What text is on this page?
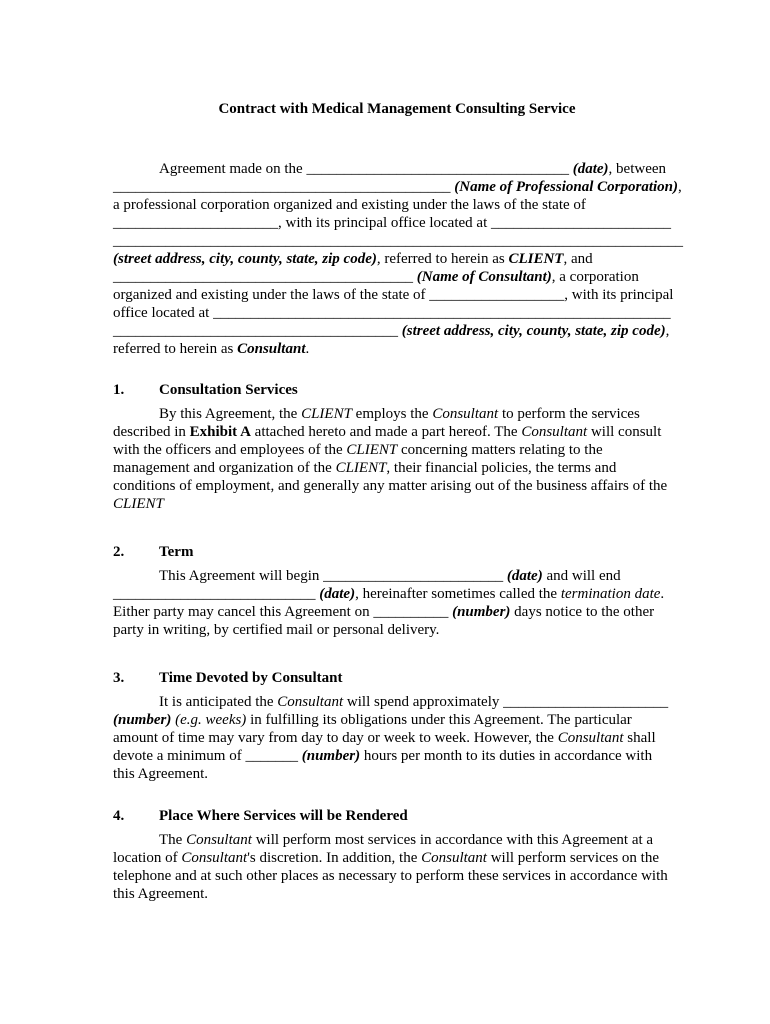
Contract with Medical Management Consulting Service
Agreement made on the ___________________________________ (date), between
_____________________________________________ (Name of Professional Corporation),
a professional corporation organized and existing under the laws of the state of
______________________, with its principal office located at ________________________
____________________________________________________________________________
(street address, city, county, state, zip code), referred to herein as CLIENT, and
________________________________________ (Name of Consultant), a corporation
organized and existing under the laws of the state of __________________, with its principal
office located at _____________________________________________________________
______________________________________ (street address, city, county, state, zip code),
referred to herein as Consultant.
1. Consultation Services
By this Agreement, the CLIENT employs the Consultant to perform the services
described in Exhibit A attached hereto and made a part hereof. The Consultant will consult
with the officers and employees of the CLIENT concerning matters relating to the
management and organization of the CLIENT, their financial policies, the terms and
conditions of employment, and generally any matter arising out of the business affairs of the
CLIENT
2. Term
This Agreement will begin ________________________ (date) and will end
___________________________ (date), hereinafter sometimes called the termination date.
Either party may cancel this Agreement on __________ (number) days notice to the other
party in writing, by certified mail or personal delivery.
3. Time Devoted by Consultant
It is anticipated the Consultant will spend approximately ______________________
(number) (e.g. weeks) in fulfilling its obligations under this Agreement. The particular
amount of time may vary from day to day or week to week. However, the Consultant shall
devote a minimum of _______ (number) hours per month to its duties in accordance with
this Agreement.
4. Place Where Services will be Rendered
The Consultant will perform most services in accordance with this Agreement at a
location of Consultant's discretion. In addition, the Consultant will perform services on the
telephone and at such other places as necessary to perform these services in accordance with
this Agreement.
